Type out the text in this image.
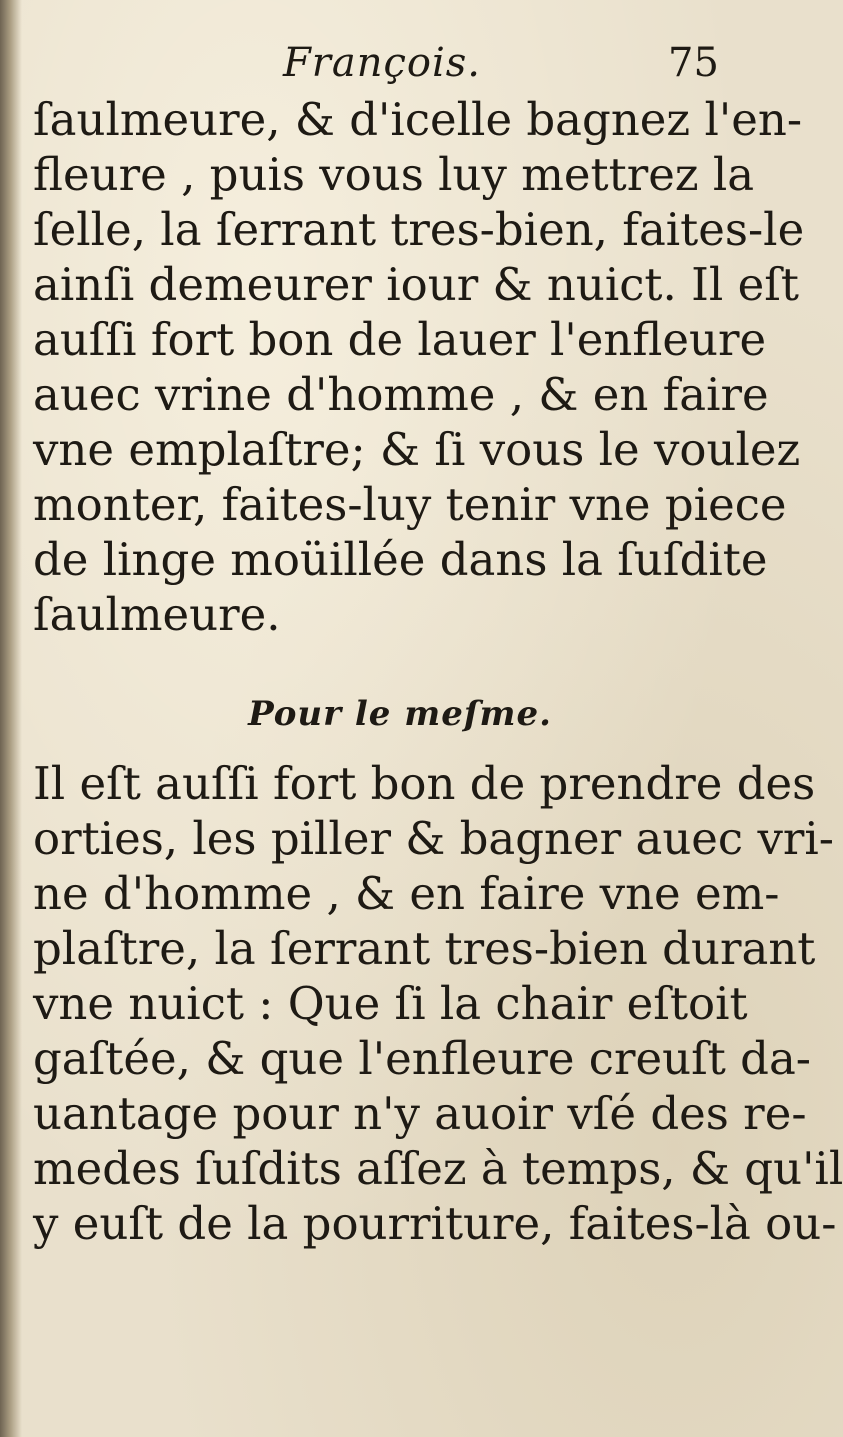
François.	75
ſaulmeure, & d'icelle bagnez l'en-
fleure , puis vous luy mettrez la
ſelle, la ſerrant tres-bien, faites-le
ainſi demeurer iour & nuict. Il eſt
auſſi fort bon de lauer l'enfleure
auec vrine d'homme , & en faire
vne emplaſtre; & ſi vous le voulez
monter, faites-luy tenir vne piece
de linge moüillée dans la ſuſdite
ſaulmeure.
Pour le meſme.
Il eſt auſſi fort bon de prendre des
orties, les piller & bagner auec vri-
ne d'homme , & en faire vne em-
plaſtre, la ſerrant tres-bien durant
vne nuict : Que ſi la chair eſtoit
gaſtée, & que l'enfleure creuſt da-
uantage pour n'y auoir vſé des re-
medes ſuſdits aſſez à temps, & qu'il
y euſt de la pourriture, faites-là ou-
